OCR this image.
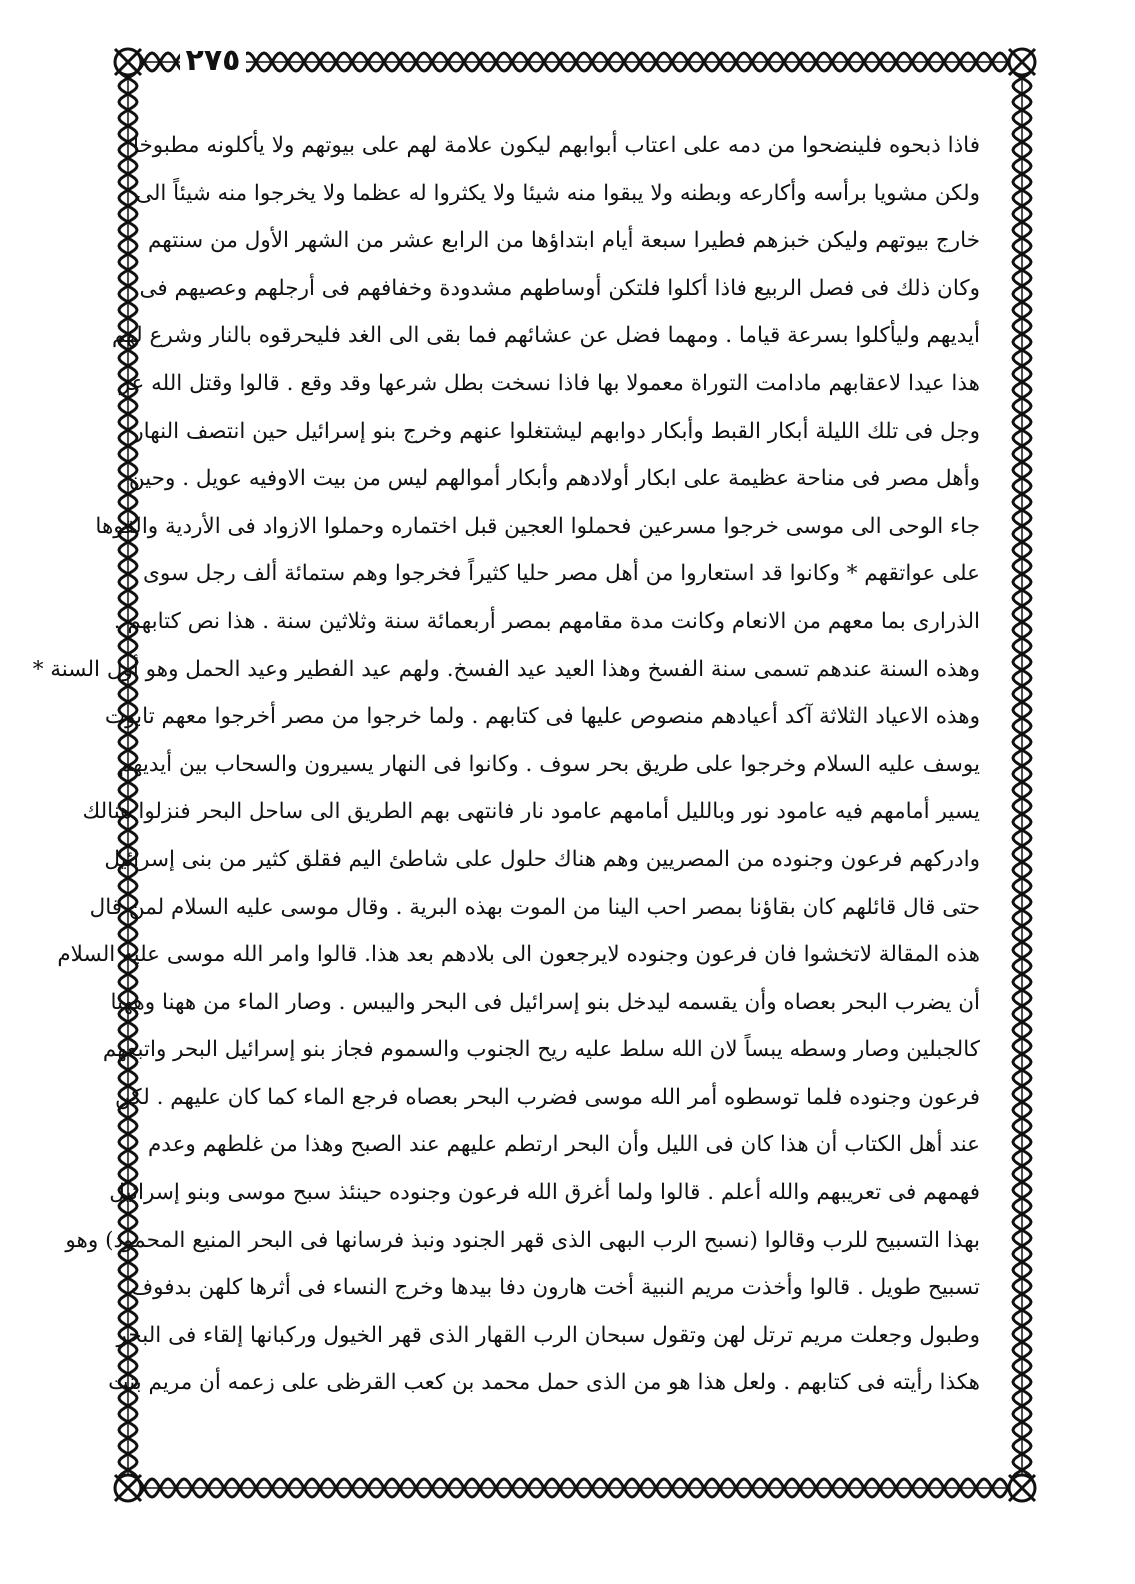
٢٧٥
فاذا ذبحوه فلينضحوا من دمه على اعتاب أبوابهم ليكون علامة لهم على بيوتهم ولا يأكلونه مطبوخا
ولكن مشويا برأسه وأكارعه وبطنه ولا يبقوا منه شيئا ولا يكثروا له عظما ولا يخرجوا منه شيئاً الى
خارج بيوتهم وليكن خبزهم فطيرا سبعة أيام ابتداؤها من الرابع عشر من الشهر الأول من سنتهم
وكان ذلك فى فصل الربيع فاذا أكلوا فلتكن أوساطهم مشدودة وخفافهم فى أرجلهم وعصيهم فى
أيديهم وليأكلوا بسرعة قياما . ومهما فضل عن عشائهم فما بقى الى الغد فليحرقوه بالنار وشرع لهم
هذا عيدا لاعقابهم مادامت التوراة معمولا بها فاذا نسخت بطل شرعها وقد وقع . قالوا وقتل الله عز
وجل فى تلك الليلة أبكار القبط وأبكار دوابهم ليشتغلوا عنهم وخرج بنو إسرائيل حين انتصف النهار
وأهل مصر فى مناحة عظيمة على ابكار أولادهم وأبكار أموالهم ليس من بيت الاوفيه عويل . وحين
جاء الوحى الى موسى خرجوا مسرعين فحملوا العجين قبل اختماره وحملوا الازواد فى الأردية والقوها
على عواتقهم * وكانوا قد استعاروا من أهل مصر حليا كثيراً فخرجوا وهم ستمائة ألف رجل سوى
الذرارى بما معهم من الانعام وكانت مدة مقامهم بمصر أربعمائة سنة وثلاثين سنة . هذا نص كتابهم .
وهذه السنة عندهم تسمى سنة الفسخ وهذا العيد عيد الفسخ. ولهم عيد الفطير وعيد الحمل وهو أول السنة *
وهذه الاعياد الثلاثة آكد أعيادهم منصوص عليها فى كتابهم . ولما خرجوا من مصر أخرجوا معهم تابوت
يوسف عليه السلام وخرجوا على طريق بحر سوف . وكانوا فى النهار يسيرون والسحاب بين أيديهم
يسير أمامهم فيه عامود نور وبالليل أمامهم عامود نار فانتهى بهم الطريق الى ساحل البحر فنزلوا هنالك
وادركهم فرعون وجنوده من المصريين وهم هناك حلول على شاطئ اليم فقلق كثير من بنى إسرائيل
حتى قال قائلهم كان بقاؤنا بمصر احب الينا من الموت بهذه البرية . وقال موسى عليه السلام لمن قال
هذه المقالة لاتخشوا فان فرعون وجنوده لايرجعون الى بلادهم بعد هذا. قالوا وامر الله موسى عليه السلام
أن يضرب البحر بعصاه وأن يقسمه ليدخل بنو إسرائيل فى البحر واليبس . وصار الماء من ههنا وههنا
كالجبلين وصار وسطه يبساً لان الله سلط عليه ريح الجنوب والسموم فجاز بنو إسرائيل البحر واتبعهم
فرعون وجنوده فلما توسطوه أمر الله موسى فضرب البحر بعصاه فرجع الماء كما كان عليهم . لكن
عند أهل الكتاب أن هذا كان فى الليل وأن البحر ارتطم عليهم عند الصبح وهذا من غلطهم وعدم
فهمهم فى تعريبهم والله أعلم . قالوا ولما أغرق الله فرعون وجنوده حينئذ سبح موسى وبنو إسرائيل
بهذا التسبيح للرب وقالوا (نسبح الرب البهى الذى قهر الجنود ونبذ فرسانها فى البحر المنيع المحمود) وهو
تسبيح طويل . قالوا وأخذت مريم النبية أخت هارون دفا بيدها وخرج النساء فى أثرها كلهن بدفوف
وطبول وجعلت مريم ترتل لهن وتقول سبحان الرب القهار الذى قهر الخيول وركبانها إلقاء فى البحر
هكذا رأيته فى كتابهم . ولعل هذا هو من الذى حمل محمد بن كعب القرظى على زعمه أن مريم بنت
